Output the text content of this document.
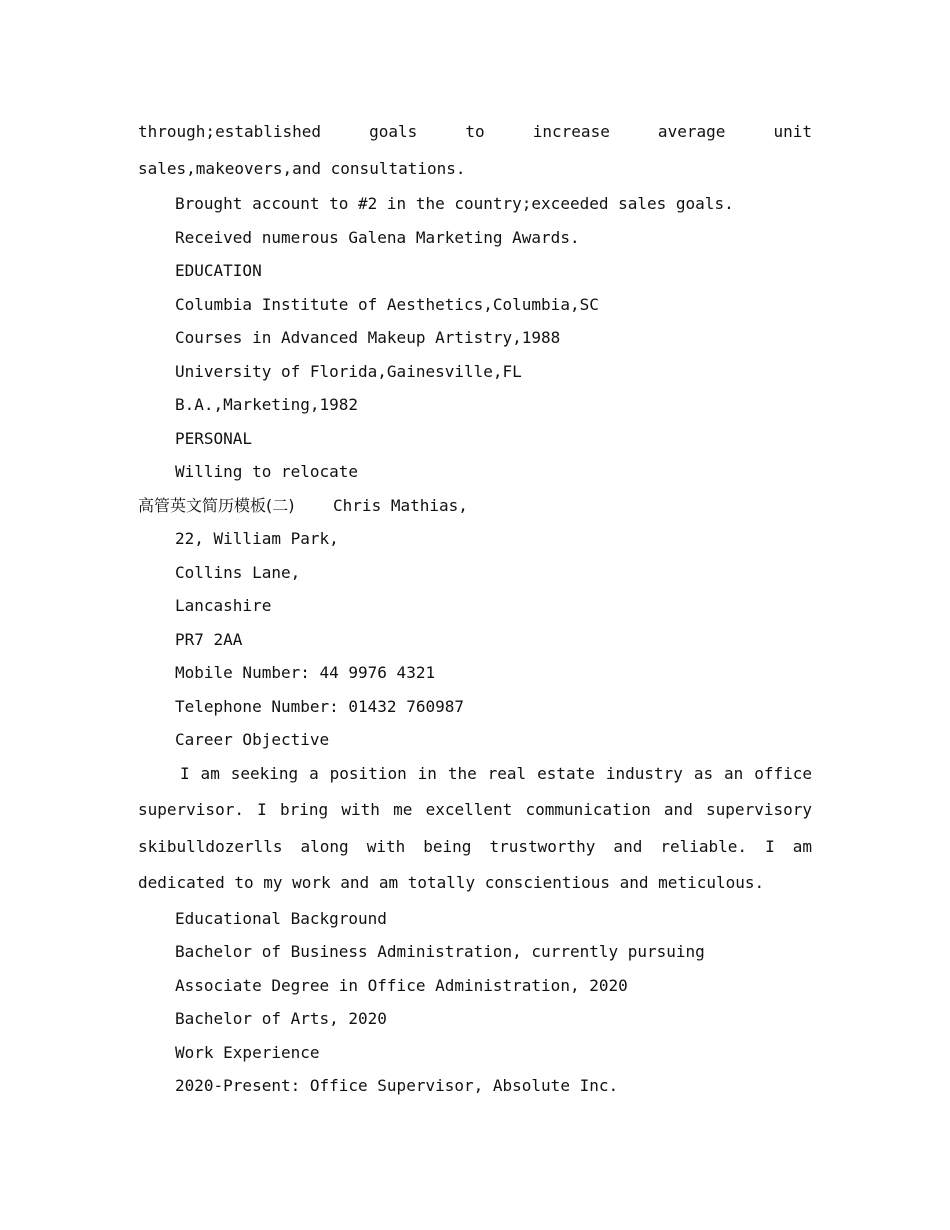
through;established goals to increase average unit sales,makeovers,and consultations.

Brought account to #2 in the country;exceeded sales goals.
Received numerous Galena Marketing Awards.
EDUCATION
Columbia Institute of Aesthetics,Columbia,SC
Courses in Advanced Makeup Artistry,1988
University of Florida,Gainesville,FL
B.A.,Marketing,1982
PERSONAL
Willing to relocate
高管英文简历模板(二) Chris Mathias,
22, William Park,
Collins Lane,
Lancashire
PR7 2AA
Mobile Number: 44 9976 4321
Telephone Number: 01432 760987
Career Objective

I am seeking a position in the real estate industry as an office supervisor. I bring with me excellent communication and supervisory skibulldozerlls along with being trustworthy and reliable. I am dedicated to my work and am totally conscientious and meticulous.

Educational Background
Bachelor of Business Administration, currently pursuing
Associate Degree in Office Administration, 2020
Bachelor of Arts, 2020
Work Experience
2020-Present: Office Supervisor, Absolute Inc.
